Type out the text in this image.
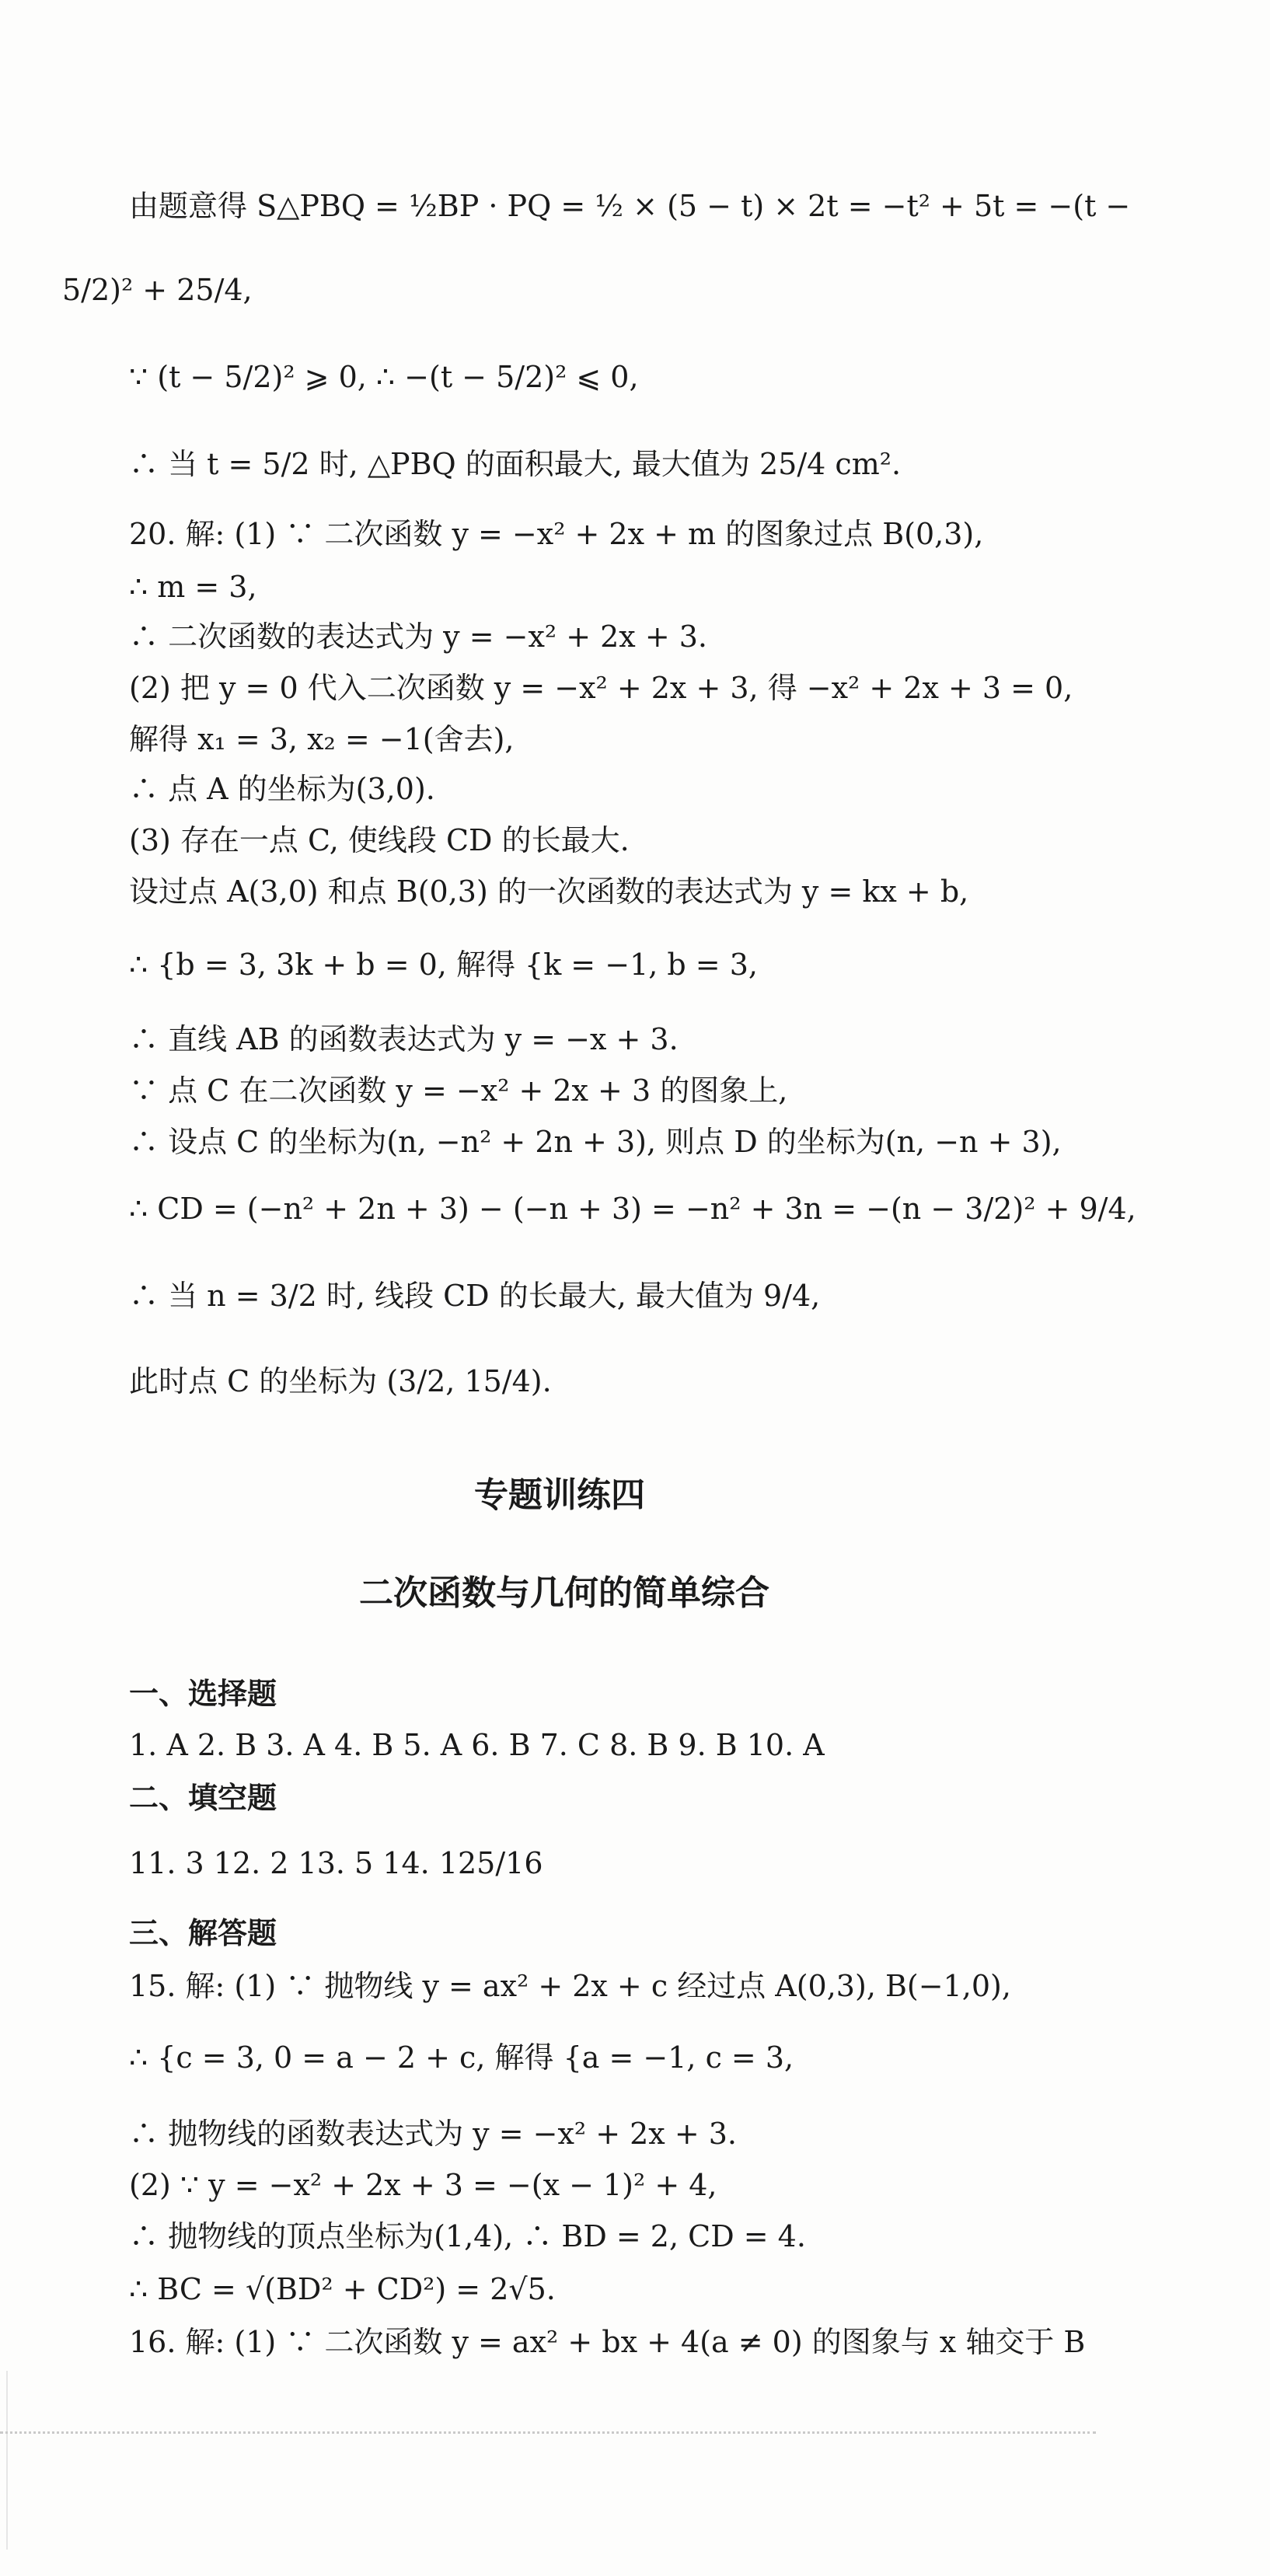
由题意得 S△PBQ = ½BP · PQ = ½ × (5 − t) × 2t = −t² + 5t = −(t −
5/2)² + 25/4,
∵ (t − 5/2)² ⩾ 0, ∴ −(t − 5/2)² ⩽ 0,
∴ 当 t = 5/2 时, △PBQ 的面积最大, 最大值为 25/4 cm².
20. 解: (1) ∵ 二次函数 y = −x² + 2x + m 的图象过点 B(0,3),
∴ m = 3,
∴ 二次函数的表达式为 y = −x² + 2x + 3.
(2) 把 y = 0 代入二次函数 y = −x² + 2x + 3, 得 −x² + 2x + 3 = 0,
解得 x₁ = 3, x₂ = −1(舍去),
∴ 点 A 的坐标为(3,0).
(3) 存在一点 C, 使线段 CD 的长最大.
设过点 A(3,0) 和点 B(0,3) 的一次函数的表达式为 y = kx + b,
∴ {b = 3, 3k + b = 0, 解得 {k = −1, b = 3,
∴ 直线 AB 的函数表达式为 y = −x + 3.
∵ 点 C 在二次函数 y = −x² + 2x + 3 的图象上,
∴ 设点 C 的坐标为(n, −n² + 2n + 3), 则点 D 的坐标为(n, −n + 3),
∴ CD = (−n² + 2n + 3) − (−n + 3) = −n² + 3n = −(n − 3/2)² + 9/4,
∴ 当 n = 3/2 时, 线段 CD 的长最大, 最大值为 9/4,
此时点 C 的坐标为 (3/2, 15/4).
专题训练四
二次函数与几何的简单综合
一、选择题
1. A 2. B 3. A 4. B 5. A 6. B 7. C 8. B 9. B 10. A
二、填空题
11. 3 12. 2 13. 5 14. 125/16
三、解答题
15. 解: (1) ∵ 抛物线 y = ax² + 2x + c 经过点 A(0,3), B(−1,0),
∴ {c = 3, 0 = a − 2 + c, 解得 {a = −1, c = 3,
∴ 抛物线的函数表达式为 y = −x² + 2x + 3.
(2) ∵ y = −x² + 2x + 3 = −(x − 1)² + 4,
∴ 抛物线的顶点坐标为(1,4), ∴ BD = 2, CD = 4.
∴ BC = √(BD² + CD²) = 2√5.
16. 解: (1) ∵ 二次函数 y = ax² + bx + 4(a ≠ 0) 的图象与 x 轴交于 B
